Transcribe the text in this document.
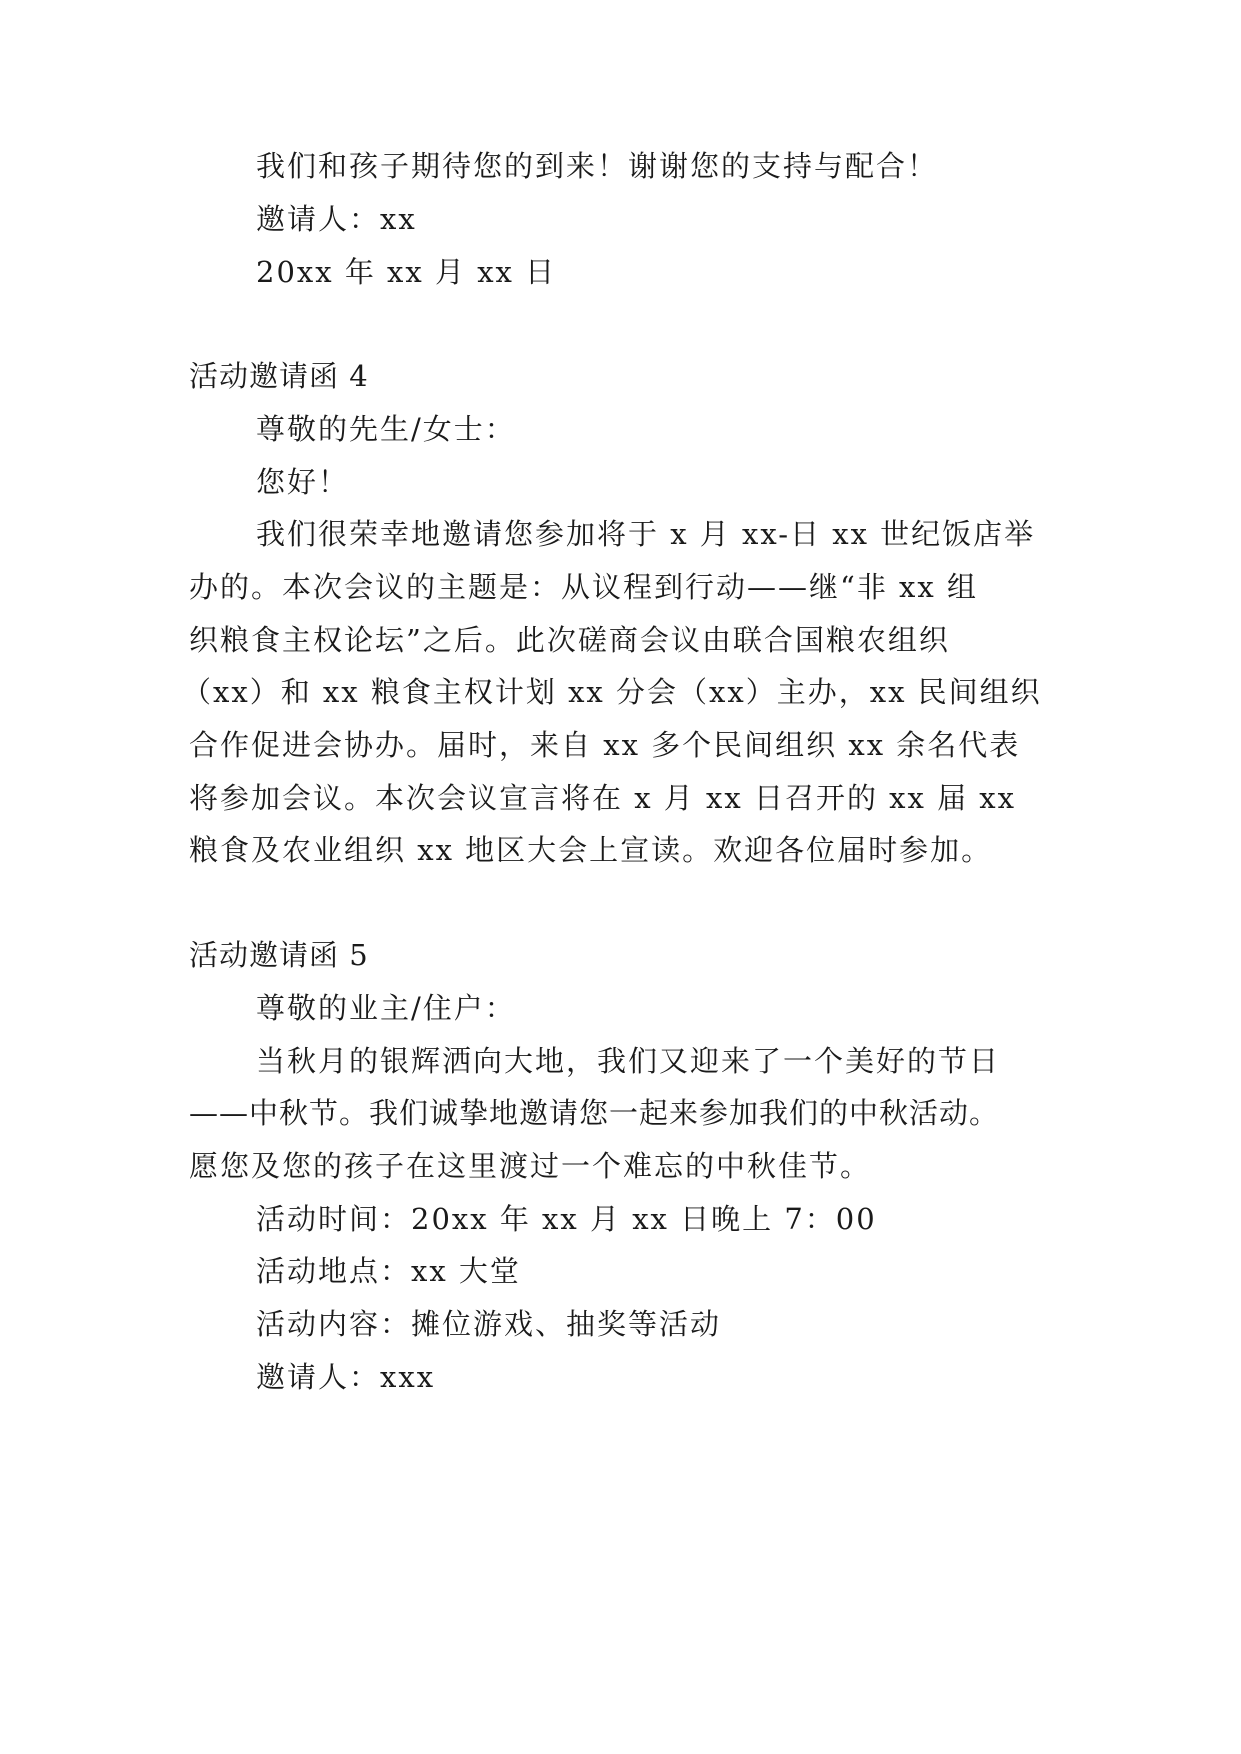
我们和孩子期待您的到来！谢谢您的支持与配合！
邀请人：xx
20xx 年 xx 月 xx 日
活动邀请函 4
尊敬的先生/女士：
您好！
我们很荣幸地邀请您参加将于 x 月 xx-日 xx 世纪饭店举
办的。本次会议的主题是：从议程到行动——继“非 xx 组
织粮食主权论坛”之后。此次磋商会议由联合国粮农组织
（xx）和 xx 粮食主权计划 xx 分会（xx）主办，xx 民间组织
合作促进会协办。届时，来自 xx 多个民间组织 xx 余名代表
将参加会议。本次会议宣言将在 x 月 xx 日召开的 xx 届 xx
粮食及农业组织 xx 地区大会上宣读。欢迎各位届时参加。
活动邀请函 5
尊敬的业主/住户：
当秋月的银辉洒向大地，我们又迎来了一个美好的节日
——中秋节。我们诚挚地邀请您一起来参加我们的中秋活动。
愿您及您的孩子在这里渡过一个难忘的中秋佳节。
活动时间：20xx 年 xx 月 xx 日晚上 7：00
活动地点：xx 大堂
活动内容：摊位游戏、抽奖等活动
邀请人：xxx
